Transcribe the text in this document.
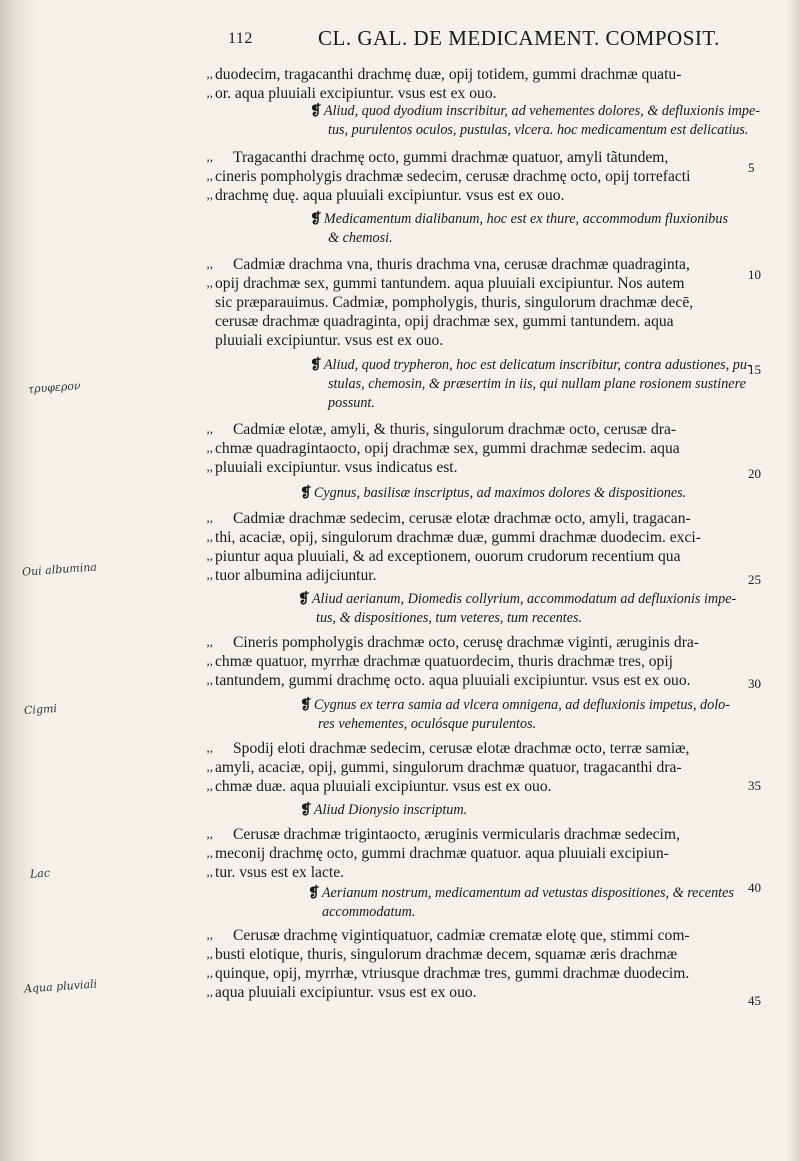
112	CL. GAL. DE MEDICAMENT. COMPOSIT.
τρυφερον
Oui albumina
Cigmi
Lac
Aqua pluviali
,, duodecim, tragacanthi drachmę duæ, opij totidem, gummi drachmæ quatu-
,, or. aqua pluuiali excipiuntur. vsus est ex ouo.
❡ Aliud, quod dyodium inscribitur, ad vehementes dolores, & defluxionis impe-
tus, purulentos oculos, pustulas, vlcera. hoc medicamentum est delicatius.
,, Tragacanthi drachmę octo, gummi drachmæ quatuor, amyli tãtundem,
,, cineris pompholygis drachmæ sedecim, cerusæ drachmę octo, opij torrefacti
,, drachmę duę. aqua pluuiali excipiuntur. vsus est ex ouo.
❡ Medicamentum dialibanum, hoc est ex thure, accommodum fluxionibus
& chemosi.
,, Cadmiæ drachma vna, thuris drachma vna, cerusæ drachmæ quadraginta,
,, opij drachmæ sex, gummi tantundem. aqua pluuiali excipiuntur. Nos autem
sic præparauimus. Cadmiæ, pompholygis, thuris, singulorum drachmæ decē,
cerusæ drachmæ quadraginta, opij drachmæ sex, gummi tantundem. aqua
pluuiali excipiuntur. vsus est ex ouo.
❡ Aliud, quod trypheron, hoc est delicatum inscribitur, contra adustiones, pu-
stulas, chemosin, & præsertim in iis, qui nullam plane rosionem sustinere
possunt.
,, Cadmiæ elotæ, amyli, & thuris, singulorum drachmæ octo, cerusæ dra-
,, chmæ quadragintaocto, opij drachmæ sex, gummi drachmæ sedecim. aqua
,, pluuiali excipiuntur. vsus indicatus est.
❡ Cygnus, basilisæ inscriptus, ad maximos dolores & dispositiones.
,, Cadmiæ drachmæ sedecim, cerusæ elotæ drachmæ octo, amyli, tragacan-
,, thi, acaciæ, opij, singulorum drachmæ duæ, gummi drachmæ duodecim. exci-
,, piuntur aqua pluuiali, & ad exceptionem, ouorum crudorum recentium qua
,, tuor albumina adijciuntur.
❡ Aliud aerianum, Diomedis collyrium, accommodatum ad defluxionis impe-
tus, & dispositiones, tum veteres, tum recentes.
,, Cineris pompholygis drachmæ octo, cerusę drachmæ viginti, æruginis dra-
,, chmæ quatuor, myrrhæ drachmæ quatuordecim, thuris drachmæ tres, opij
,, tantundem, gummi drachmę octo. aqua pluuiali excipiuntur. vsus est ex ouo.
❡ Cygnus ex terra samia ad vlcera omnigena, ad defluxionis impetus, dolo-
res vehementes, oculósque purulentos.
,, Spodij eloti drachmæ sedecim, cerusæ elotæ drachmæ octo, terræ samiæ,
,, amyli, acaciæ, opij, gummi, singulorum drachmæ quatuor, tragacanthi dra-
,, chmæ duæ. aqua pluuiali excipiuntur. vsus est ex ouo.
❡ Aliud Dionysio inscriptum.
,, Cerusæ drachmæ trigintaocto, æruginis vermicularis drachmæ sedecim,
,, meconij drachmę octo, gummi drachmæ quatuor. aqua pluuiali excipiun-
,, tur. vsus est ex lacte.
❡ Aerianum nostrum, medicamentum ad vetustas dispositiones, & recentes
accommodatum.
,, Cerusæ drachmę vigintiquatuor, cadmiæ crematæ elotę que, stimmi com-
,, busti elotique, thuris, singulorum drachmæ decem, squamæ æris drachmæ
,, quinque, opij, myrrhæ, vtriusque drachmæ tres, gummi drachmæ duodecim.
,, aqua pluuiali excipiuntur. vsus est ex ouo.
5
10
15
20
25
30
35
40
45
